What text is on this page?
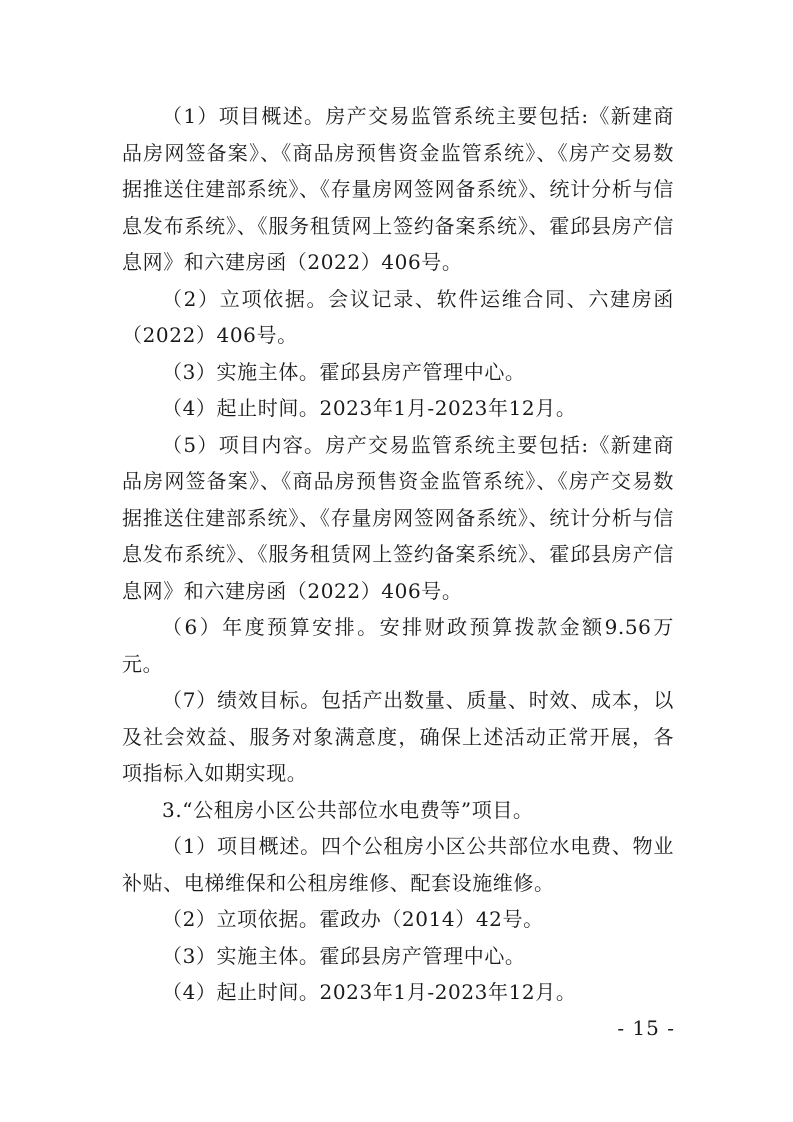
（1）项目概述。房产交易监管系统主要包括:《新建商品房网签备案》、《商品房预售资金监管系统》、《房产交易数据推送住建部系统》、《存量房网签网备系统》、统计分析与信息发布系统》、《服务租赁网上签约备案系统》、霍邱县房产信息网》和六建房函（2022）406号。

（2）立项依据。会议记录、软件运维合同、六建房函（2022）406号。

（3）实施主体。霍邱县房产管理中心。

（4）起止时间。2023年1月-2023年12月。

（5）项目内容。房产交易监管系统主要包括:《新建商品房网签备案》、《商品房预售资金监管系统》、《房产交易数据推送住建部系统》、《存量房网签网备系统》、统计分析与信息发布系统》、《服务租赁网上签约备案系统》、霍邱县房产信息网》和六建房函（2022）406号。

（6）年度预算安排。安排财政预算拨款金额9.56万元。

（7）绩效目标。包括产出数量、质量、时效、成本，以及社会效益、服务对象满意度，确保上述活动正常开展，各项指标入如期实现。

3.“公租房小区公共部位水电费等”项目。

（1）项目概述。四个公租房小区公共部位水电费、物业补贴、电梯维保和公租房维修、配套设施维修。

（2）立项依据。霍政办（2014）42号。

（3）实施主体。霍邱县房产管理中心。

（4）起止时间。2023年1月-2023年12月。

- 15 -
